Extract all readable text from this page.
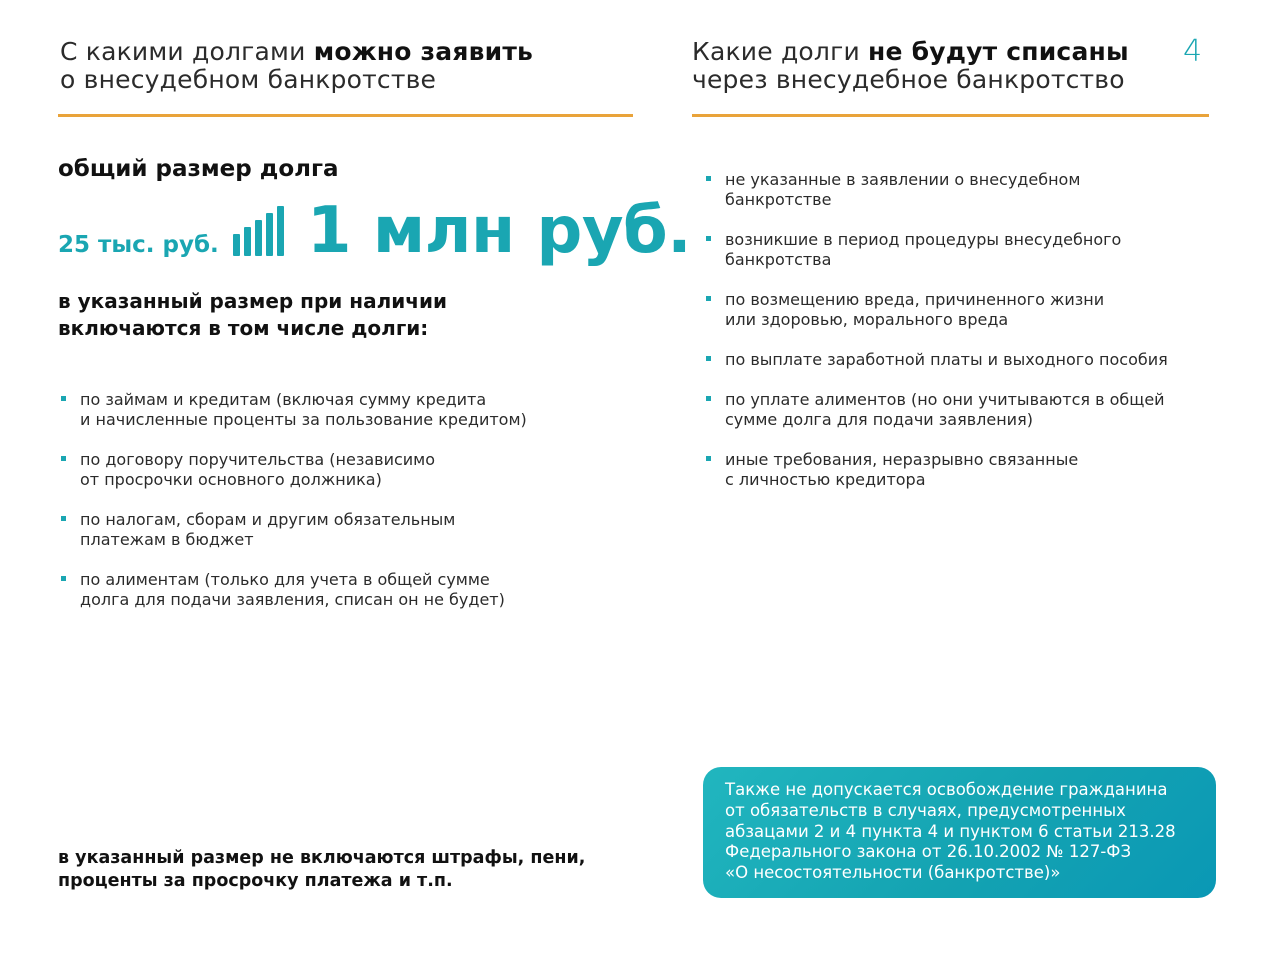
С какими долгами можно заявить
о внесудебном банкротстве
общий размер долга
25 тыс. руб. 1 млн руб.
в указанный размер при наличии
включаются в том числе долги:
по займам и кредитам (включая сумму кредита
и начисленные проценты за пользование кредитом)
по договору поручительства (независимо
от просрочки основного должника)
по налогам, сборам и другим обязательным
платежам в бюджет
по алиментам (только для учета в общей сумме
долга для подачи заявления, списан он не будет)
в указанный размер не включаются штрафы, пени,
проценты за просрочку платежа и т.п.
Какие долги не будут списаны
через внесудебное банкротство
4
не указанные в заявлении о внесудебном
банкротстве
возникшие в период процедуры внесудебного
банкротства
по возмещению вреда, причиненного жизни
или здоровью, морального вреда
по выплате заработной платы и выходного пособия
по уплате алиментов (но они учитываются в общей
сумме долга для подачи заявления)
иные требования, неразрывно связанные
с личностью кредитора
Также не допускается освобождение гражданина
от обязательств в случаях, предусмотренных
абзацами 2 и 4 пункта 4 и пунктом 6 статьи 213.28
Федерального закона от 26.10.2002 № 127-ФЗ
«О несостоятельности (банкротстве)»
